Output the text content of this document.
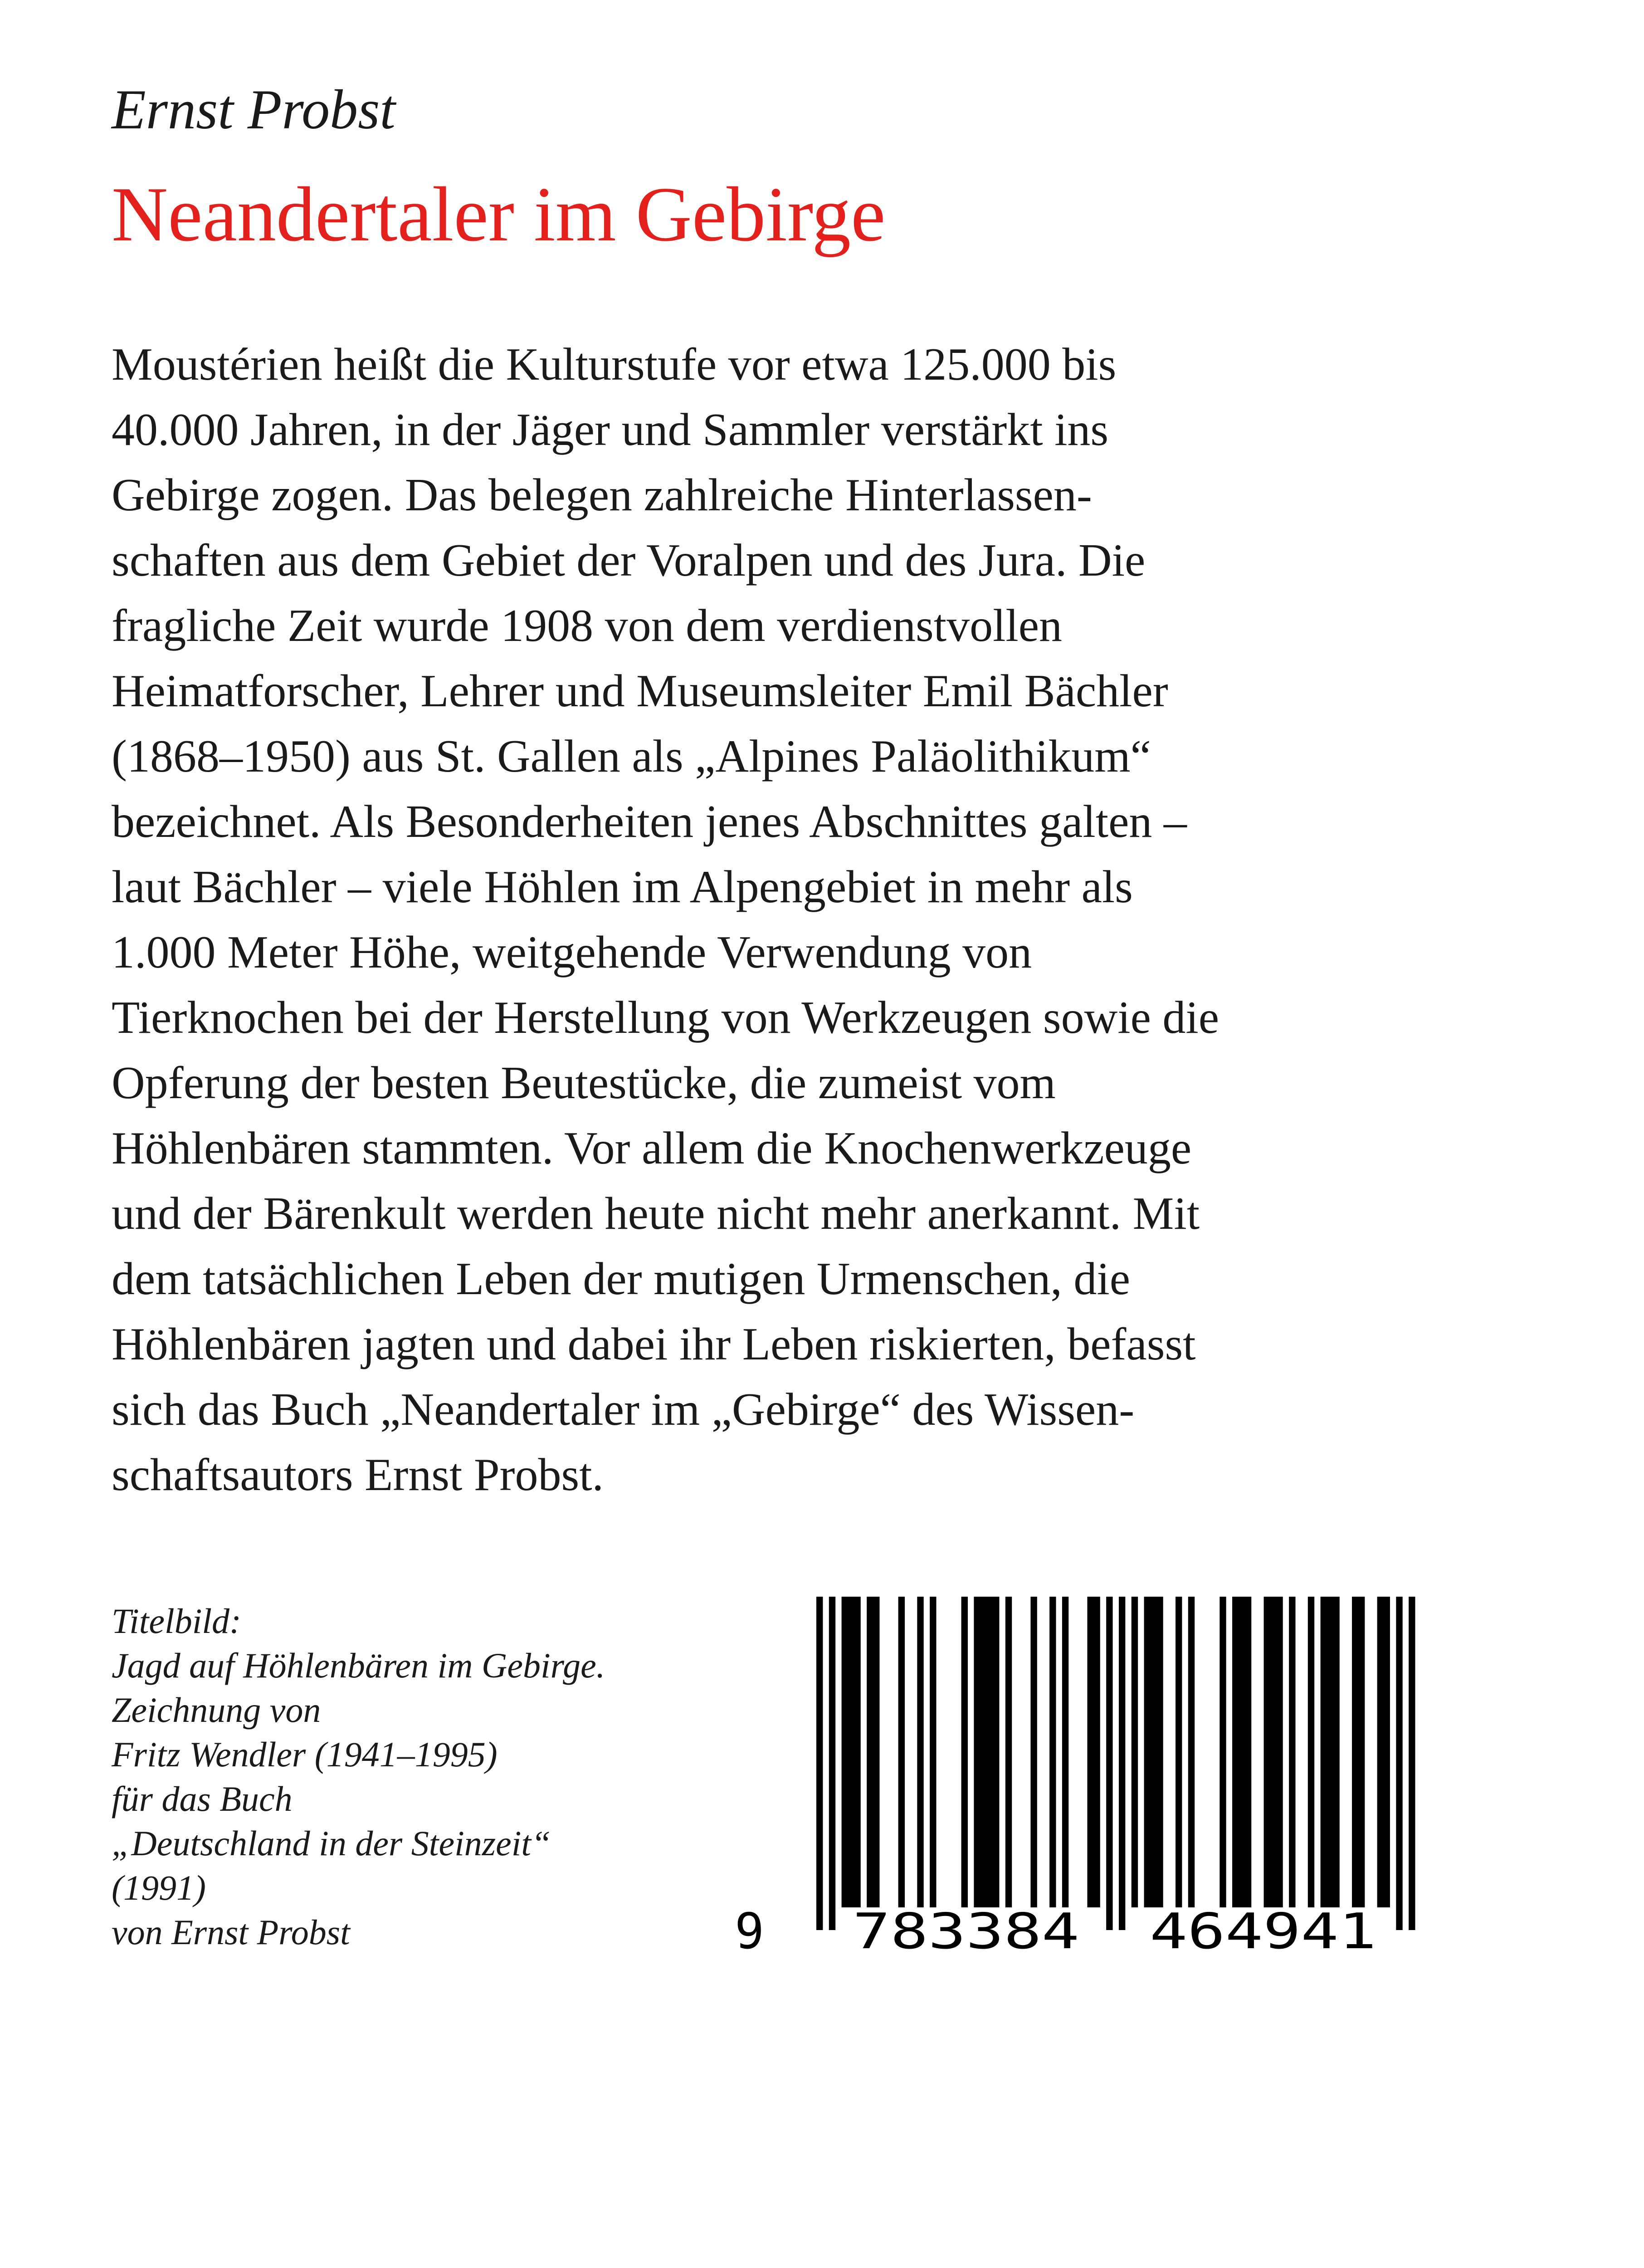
Ernst Probst
Neandertaler im Gebirge
Moustérien heißt die Kulturstufe vor etwa 125.000 bis
40.000 Jahren, in der Jäger und Sammler verstärkt ins
Gebirge zogen. Das belegen zahlreiche Hinterlassen-
schaften aus dem Gebiet der Voralpen und des Jura. Die
fragliche Zeit wurde 1908 von dem verdienstvollen
Heimatforscher, Lehrer und Museumsleiter Emil Bächler
(1868–1950) aus St. Gallen als „Alpines Paläolithikum“
bezeichnet. Als Besonderheiten jenes Abschnittes galten –
laut Bächler – viele Höhlen im Alpengebiet in mehr als
1.000 Meter Höhe, weitgehende Verwendung von
Tierknochen bei der Herstellung von Werkzeugen sowie die
Opferung der besten Beutestücke, die zumeist vom
Höhlenbären stammten. Vor allem die Knochenwerkzeuge
und der Bärenkult werden heute nicht mehr anerkannt. Mit
dem tatsächlichen Leben der mutigen Urmenschen, die
Höhlenbären jagten und dabei ihr Leben riskierten, befasst
sich das Buch „Neandertaler im „Gebirge“ des Wissen-
schaftsautors Ernst Probst.
Titelbild:
Jagd auf Höhlenbären im Gebirge.
Zeichnung von
Fritz Wendler (1941–1995)
für das Buch
„Deutschland in der Steinzeit“
(1991)
von Ernst Probst	9 783384 464941
